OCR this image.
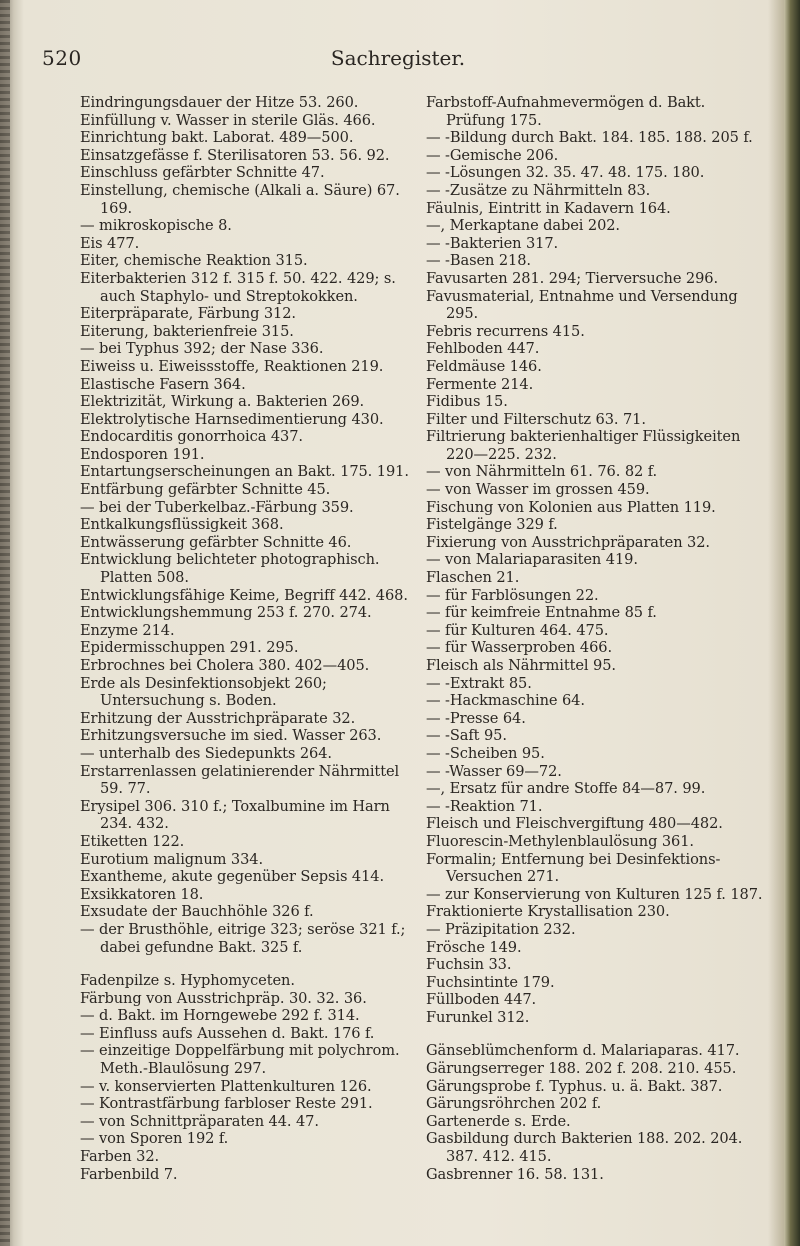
520	Sachregister.

Eindringungsdauer der Hitze 53. 260.

Einfüllung v. Wasser in sterile Gläs. 466.

Einrichtung bakt. Laborat. 489—500.

Einsatzgefässe f. Sterilisatoren 53. 56. 92.

Einschluss gefärbter Schnitte 47.

Einstellung, chemische (Alkali a. Säure) 67. 169.

— mikroskopische 8.

Eis 477.

Eiter, chemische Reaktion 315.

Eiterbakterien 312 f. 315 f. 50. 422. 429; s. auch Staphylo- und Streptokokken.

Eiterpräparate, Färbung 312.

Eiterung, bakterienfreie 315.

— bei Typhus 392; der Nase 336.

Eiweiss u. Eiweissstoffe, Reaktionen 219.

Elastische Fasern 364.

Elektrizität, Wirkung a. Bakterien 269.

Elektrolytische Harnsedimentierung 430.

Endocarditis gonorrhoica 437.

Endosporen 191.

Entartungserscheinungen an Bakt. 175. 191.

Entfärbung gefärbter Schnitte 45.

— bei der Tuberkelbaz.-Färbung 359.

Entkalkungsflüssigkeit 368.

Entwässerung gefärbter Schnitte 46.

Entwicklung belichteter photographisch. Platten 508.

Entwicklungsfähige Keime, Begriff 442. 468.

Entwicklungshemmung 253 f. 270. 274.

Enzyme 214.

Epidermisschuppen 291. 295.

Erbrochnes bei Cholera 380. 402—405.

Erde als Desinfektionsobjekt 260; Untersuchung s. Boden.

Erhitzung der Ausstrichpräparate 32.

Erhitzungsversuche im sied. Wasser 263.

— unterhalb des Siedepunkts 264.

Erstarrenlassen gelatinierender Nährmittel 59. 77.

Erysipel 306. 310 f.; Toxalbumine im Harn 234. 432.

Etiketten 122.

Eurotium malignum 334.

Exantheme, akute gegenüber Sepsis 414.

Exsikkatoren 18.

Exsudate der Bauchhöhle 326 f.

— der Brusthöhle, eitrige 323; seröse 321 f.; dabei gefundne Bakt. 325 f.

Fadenpilze s. Hyphomyceten.

Färbung von Ausstrichpräp. 30. 32. 36.

— d. Bakt. im Horngewebe 292 f. 314.

— Einfluss aufs Aussehen d. Bakt. 176 f.

— einzeitige Doppelfärbung mit polychrom. Meth.-Blaulösung 297.

— v. konservierten Plattenkulturen 126.

— Kontrastfärbung farbloser Reste 291.

— von Schnittpräparaten 44. 47.

— von Sporen 192 f.

Farben 32.

Farbenbild 7.

Farbstoff-Aufnahmevermögen d. Bakt. Prüfung 175.

— -Bildung durch Bakt. 184. 185. 188. 205 f.

— -Gemische 206.

— -Lösungen 32. 35. 47. 48. 175. 180.

— -Zusätze zu Nährmitteln 83.

Fäulnis, Eintritt in Kadavern 164.

—, Merkaptane dabei 202.

— -Bakterien 317.

— -Basen 218.

Favusarten 281. 294; Tierversuche 296.

Favusmaterial, Entnahme und Versendung 295.

Febris recurrens 415.

Fehlboden 447.

Feldmäuse 146.

Fermente 214.

Fidibus 15.

Filter und Filterschutz 63. 71.

Filtrierung bakterienhaltiger Flüssigkeiten 220—225. 232.

— von Nährmitteln 61. 76. 82 f.

— von Wasser im grossen 459.

Fischung von Kolonien aus Platten 119.

Fistelgänge 329 f.

Fixierung von Ausstrichpräparaten 32.

— von Malariaparasiten 419.

Flaschen 21.

— für Farblösungen 22.

— für keimfreie Entnahme 85 f.

— für Kulturen 464. 475.

— für Wasserproben 466.

Fleisch als Nährmittel 95.

— -Extrakt 85.

— -Hackmaschine 64.

— -Presse 64.

— -Saft 95.

— -Scheiben 95.

— -Wasser 69—72.

—, Ersatz für andre Stoffe 84—87. 99.

— -Reaktion 71.

Fleisch und Fleischvergiftung 480—482.

Fluorescin-Methylenblaulösung 361.

Formalin; Entfernung bei Desinfektions-Versuchen 271.

— zur Konservierung von Kulturen 125 f. 187.

Fraktionierte Krystallisation 230.

— Präzipitation 232.

Frösche 149.

Fuchsin 33.

Fuchsintinte 179.

Füllboden 447.

Furunkel 312.

Gänseblümchenform d. Malariaparas. 417.

Gärungserreger 188. 202 f. 208. 210. 455.

Gärungsprobe f. Typhus. u. ä. Bakt. 387.

Gärungsröhrchen 202 f.

Gartenerde s. Erde.

Gasbildung durch Bakterien 188. 202. 204. 387. 412. 415.

Gasbrenner 16. 58. 131.
